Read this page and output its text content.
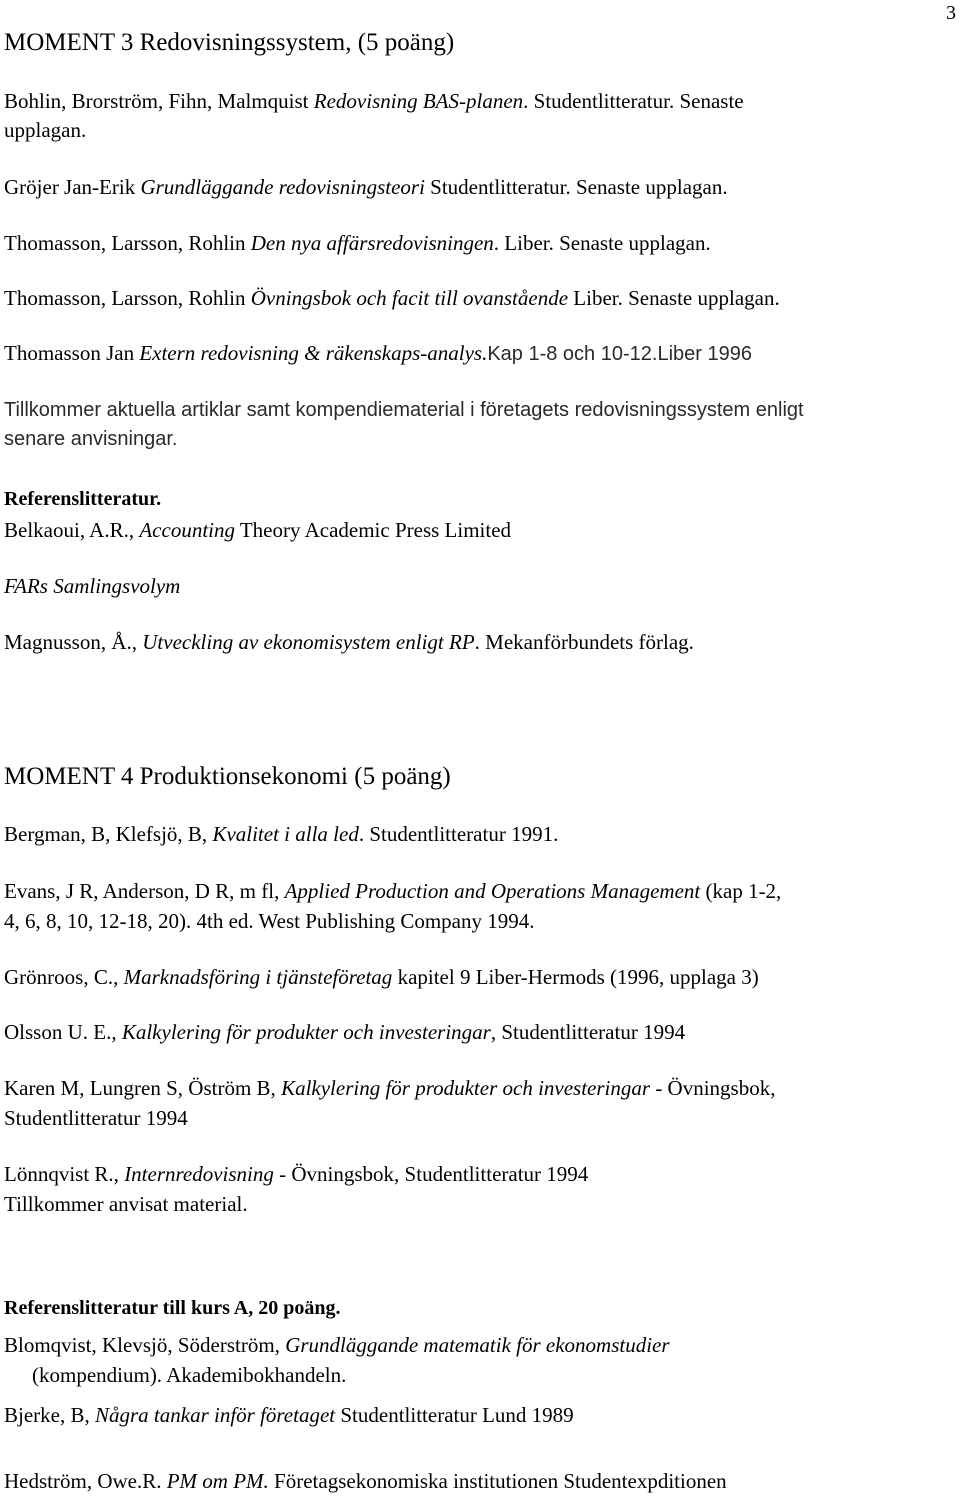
3
MOMENT 3 Redovisningssystem, (5 poäng)
Bohlin, Brorström, Fihn, Malmquist Redovisning BAS-planen. Studentlitteratur. Senaste
upplagan.
Gröjer Jan-Erik Grundläggande redovisningsteori Studentlitteratur. Senaste upplagan.
Thomasson, Larsson, Rohlin Den nya affärsredovisningen. Liber. Senaste upplagan.
Thomasson, Larsson, Rohlin Övningsbok och facit till ovanstående Liber. Senaste upplagan.
Thomasson Jan Extern redovisning & räkenskaps-analys.Kap 1-8 och 10-12.Liber 1996
Tillkommer aktuella artiklar samt kompendiematerial i företagets redovisningssystem enligt
senare anvisningar.
Referenslitteratur.
Belkaoui, A.R., Accounting Theory Academic Press Limited
FARs Samlingsvolym
Magnusson, Å., Utveckling av ekonomisystem enligt RP. Mekanförbundets förlag.
MOMENT 4 Produktionsekonomi (5 poäng)
Bergman, B, Klefsjö, B, Kvalitet i alla led. Studentlitteratur 1991.
Evans, J R, Anderson, D R, m fl, Applied Production and Operations Management (kap 1-2,
4, 6, 8, 10, 12-18, 20). 4th ed. West Publishing Company 1994.
Grönroos, C., Marknadsföring i tjänsteföretag kapitel 9 Liber-Hermods (1996, upplaga 3)
Olsson U. E., Kalkylering för produkter och investeringar, Studentlitteratur 1994
Karen M, Lungren S, Öström B, Kalkylering för produkter och investeringar - Övningsbok,
Studentlitteratur 1994
Lönnqvist R., Internredovisning - Övningsbok, Studentlitteratur 1994
Tillkommer anvisat material.
Referenslitteratur till kurs A, 20 poäng.
Blomqvist, Klevsjö, Söderström, Grundläggande matematik för ekonomstudier
(kompendium). Akademibokhandeln.
Bjerke, B, Några tankar inför företaget Studentlitteratur Lund 1989
Hedström, Owe.R. PM om PM. Företagsekonomiska institutionen Studentexpditionen
